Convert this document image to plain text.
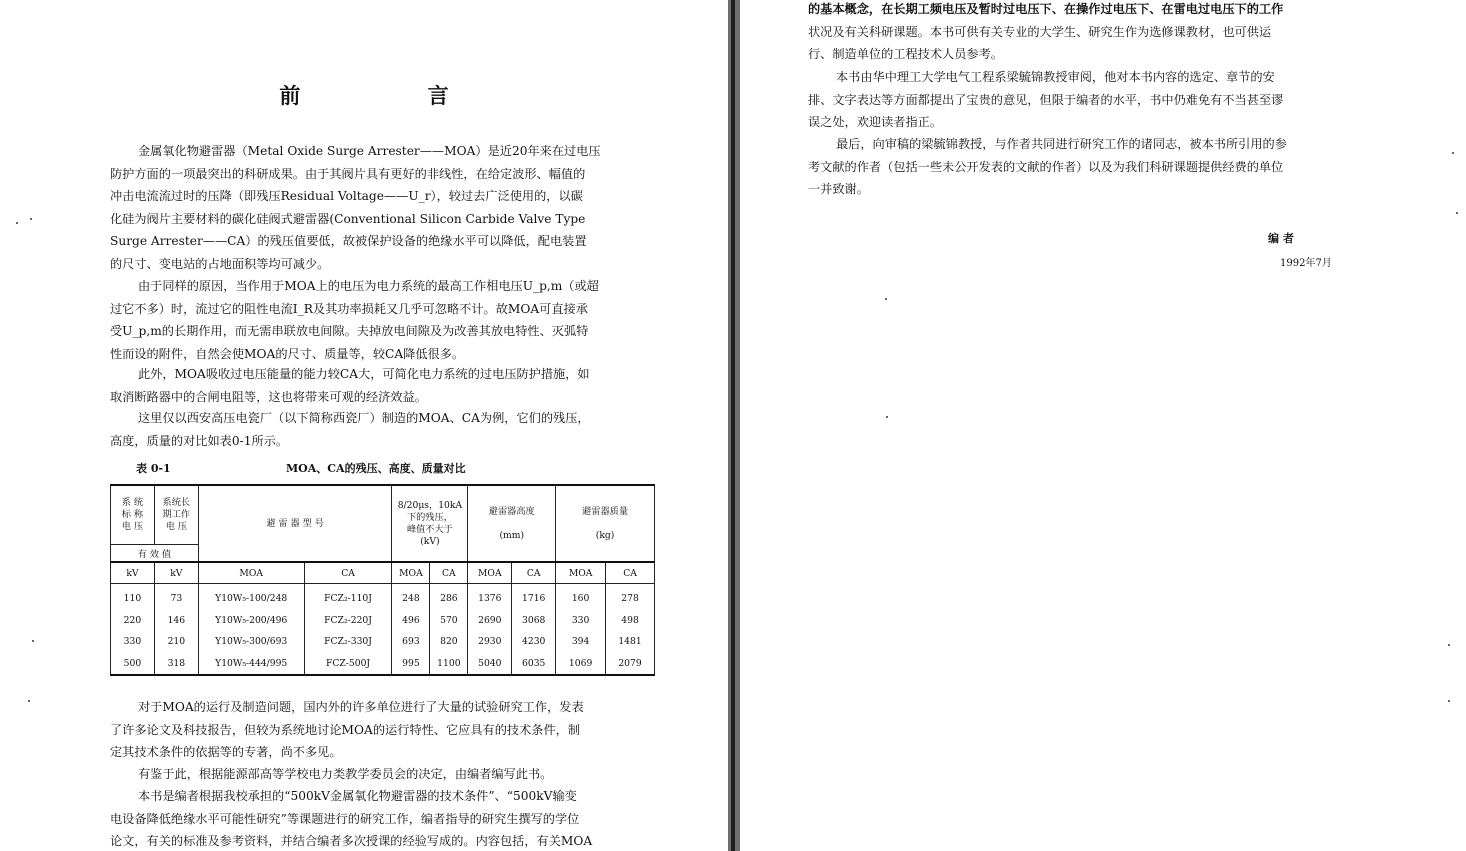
前 言
金属氧化物避雷器（Metal Oxide Surge Arrester——MOA）是近20年来在过电压
防护方面的一项最突出的科研成果。由于其阀片具有更好的非线性，在给定波形、幅值的
冲击电流流过时的压降（即残压Residual Voltage——U_r），较过去广泛使用的，以碳
化硅为阀片主要材料的碳化硅阀式避雷器(Conventional Silicon Carbide Valve Type
Surge Arrester——CA）的残压值要低，故被保护设备的绝缘水平可以降低，配电装置
的尺寸、变电站的占地面积等均可减少。
由于同样的原因，当作用于MOA上的电压为电力系统的最高工作相电压U_p,m（或超
过它不多）时，流过它的阻性电流I_R及其功率损耗又几乎可忽略不计。故MOA可直接承
受U_p,m的长期作用，而无需串联放电间隙。夫掉放电间隙及为改善其放电特性、灭弧特
性而设的附件，自然会使MOA的尺寸、质量等，较CA降低很多。
此外，MOA吸收过电压能量的能力较CA大，可简化电力系统的过电压防护措施，如
取消断路器中的合闸电阻等，这也将带来可观的经济效益。
这里仅以西安高压电瓷厂（以下简称西瓷厂）制造的MOA、CA为例，它们的残压，
高度，质量的对比如表0-1所示。
表 0-1	MOA、CA的残压、高度、质量对比
系 统
标 称
电 压	系统长
期工作
电 压	避 雷 器 型 号		8/20μs，10kA
下的残压，
峰值不大于
(kV)		避雷器高度

(mm)		避雷器质量

(kg)	
有 效 值									
kV	kV	MOA	CA	MOA	CA	MOA	CA	MOA	CA
110	73	Y10W₅-100/248	FCZ₂-110J	248	286	1376	1716	160	278
220	146	Y10W₅-200/496	FCZ₂-220J	496	570	2690	3068	330	498
330	210	Y10W₅-300/693	FCZ₂-330J	693	820	2930	4230	394	1481
500	318	Y10W₅-444/995	FCZ-500J	995	1100	5040	6035	1069	2079
对于MOA的运行及制造问题，国内外的许多单位进行了大量的试验研究工作，发表
了许多论文及科技报告，但较为系统地讨论MOA的运行特性、它应具有的技术条件，制
定其技术条件的依据等的专著，尚不多见。
有鉴于此，根据能源部高等学校电力类教学委员会的决定，由编者编写此书。
本书是编者根据我校承担的“500kV金属氧化物避雷器的技术条件”、“500kV输变
电设备降低绝缘水平可能性研究”等课题进行的研究工作，编者指导的研究生撰写的学位
论文，有关的标准及参考资料，并结合编者多次授课的经验写成的。内容包括，有关MOA
的基本概念，在长期工频电压及暂时过电压下、在操作过电压下、在雷电过电压下的工作
状况及有关科研课题。本书可供有关专业的大学生、研究生作为选修课教材，也可供运
行、制造单位的工程技术人员参考。
本书由华中理工大学电气工程系梁毓锦教授审阅，他对本书内容的选定、章节的安
排、文字表达等方面都提出了宝贵的意见，但限于编者的水平，书中仍难免有不当甚至谬
误之处，欢迎读者指正。
最后，向审稿的梁毓锦教授，与作者共同进行研究工作的诸同志，被本书所引用的参
考文献的作者（包括一些未公开发表的文献的作者）以及为我们科研课题提供经费的单位
一并致谢。
编 者
1992年7月
